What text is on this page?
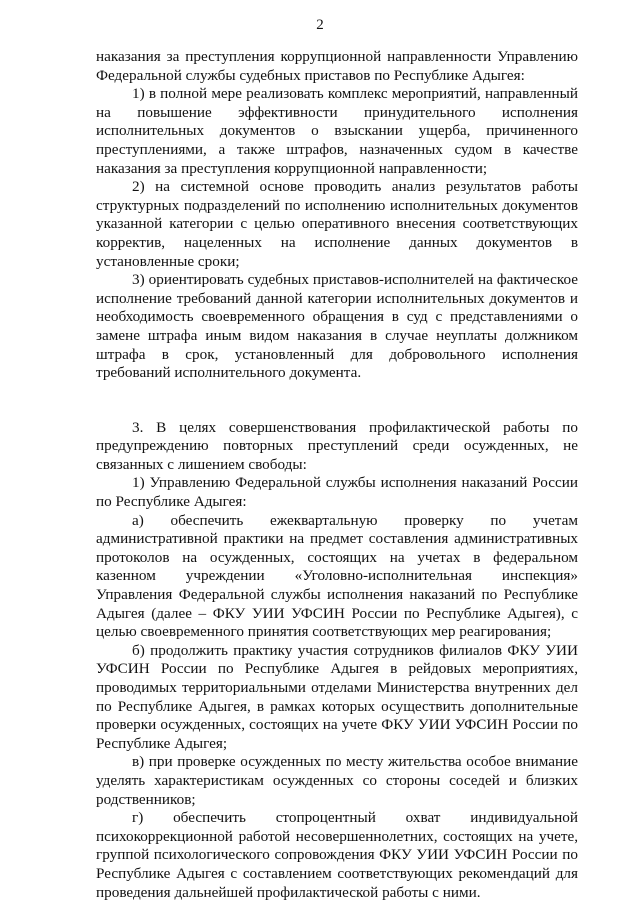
2

наказания за преступления коррупционной направленности Управлению Федеральной службы судебных приставов по Республике Адыгея:

1) в полной мере реализовать комплекс мероприятий, направленный на повышение эффективности принудительного исполнения исполнительных документов о взыскании ущерба, причиненного преступлениями, а также штрафов, назначенных судом в качестве наказания за преступления коррупционной направленности;

2) на системной основе проводить анализ результатов работы структурных подразделений по исполнению исполнительных документов указанной категории с целью оперативного внесения соответствующих корректив, нацеленных на исполнение данных документов в установленные сроки;

3) ориентировать судебных приставов-исполнителей на фактическое исполнение требований данной категории исполнительных документов и необходимость своевременного обращения в суд с представлениями о замене штрафа иным видом наказания в случае неуплаты должником штрафа в срок, установленный для добровольного исполнения требований исполнительного документа.

3. В целях совершенствования профилактической работы по предупреждению повторных преступлений среди осужденных, не связанных с лишением свободы:

1) Управлению Федеральной службы исполнения наказаний России по Республике Адыгея:

а) обеспечить ежеквартальную проверку по учетам административной практики на предмет составления административных протоколов на осужденных, состоящих на учетах в федеральном казенном учреждении «Уголовно-исполнительная инспекция» Управления Федеральной службы исполнения наказаний по Республике Адыгея (далее – ФКУ УИИ УФСИН России по Республике Адыгея), с целью своевременного принятия соответствующих мер реагирования;

б) продолжить практику участия сотрудников филиалов ФКУ УИИ УФСИН России по Республике Адыгея в рейдовых мероприятиях, проводимых территориальными отделами Министерства внутренних дел по Республике Адыгея, в рамках которых осуществить дополнительные проверки осужденных, состоящих на учете ФКУ УИИ УФСИН России по Республике Адыгея;

в) при проверке осужденных по месту жительства особое внимание уделять характеристикам осужденных со стороны соседей и близких родственников;

г) обеспечить стопроцентный охват индивидуальной психокоррекционной работой несовершеннолетних, состоящих на учете, группой психологического сопровождения ФКУ УИИ УФСИН России по Республике Адыгея с составлением соответствующих рекомендаций для проведения дальнейшей профилактической работы с ними.
